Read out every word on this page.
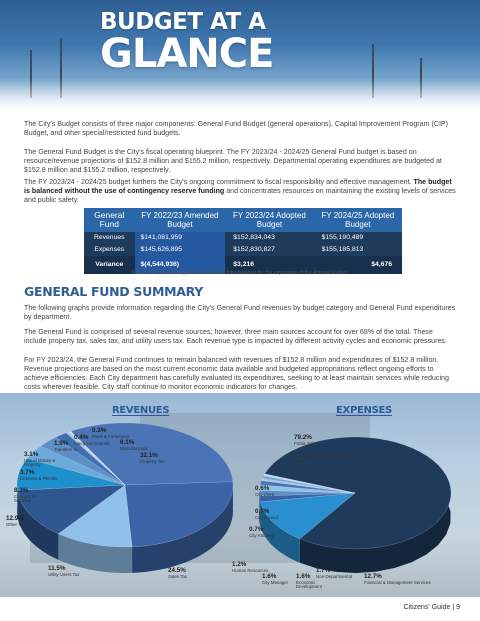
BUDGET AT A
GLANCE

The City's Budget consists of three major components: General Fund Budget (general operations), Capital Improvement Program (CIP) Budget, and other special/restricted fund budgets.

The General Fund Budget is the City's fiscal operating blueprint. The FY 2023/24 - 2024/25 General Fund budget is based on resource/revenue projections of $152.8 million and $155.2 million, respectively. Departmental operating expenditures are budgeted at $152.8 million and $155.2 million, respectively.

The FY 2023/24 - 2024/25 budget furthers the City's ongoing commitment to fiscal responsibility and effective management. The budget is balanced without the use of contingency reserve funding and concentrates resources on maintaining the existing levels of services and public safety.

General Fund	FY 2022/23 Amended Budget	FY 2023/24 Adopted Budget	FY 2024/25 Adopted Budget
Revenues	$141,081,959	$152,834,043	$155,190,489
Expenses	$145,626,895	$152,830,827	$155,185,813
Variance	$(4,544,936)	$3,216	$4,676
FY2022/23, Council approved the use of fund balance for the expansion of the Animal Shelter.
GENERAL FUND SUMMARY

The following graphs provide information regarding the City's General Fund revenues by budget category and General Fund expenditures by department.

The General Fund is comprised of several revenue sources; however, three main sources account for over 68% of the total. These include property tax, sales tax, and utility users tax. Each revenue type is impacted by different activity cycles and economic pressures.

For FY 2023/24, the General Fund continues to remain balanced with revenues of $152.8 million and expenditures of $152.8 million. Revenue projections are based on the most current economic data available and budgeted appropriations reflect ongoing efforts to achieve efficiencies. Each City department has carefully evaluated its expenditures, seeking to at least maintain services while reducing costs wherever feasible. City staff continue to monitor economic indicators for changes.

REVENUES	EXPENSES
0.3%
Fines & Forfeitures
0.4%
Intergovernmental 0.1%
Miscellaneous
1.9%
Transfers In
3.1%
Use of Money & Property
32.1%
Property Tax
3.7%
Licenses & Permits
8.3%
Charges for Services
12.9%
Other Taxes
11.5%
Utility Users Tax
24.5%
Sales Tax
79.2%
Public Safety
46.6% Police, 18.1% Fire, 10.5% Community Development, 4.6% Public Works
0.6%
City Clerk
0.7%
City Council
0.7%
City Attorney
1.2%
Human Resources
1.6%
City Manager
1.6%
Economic Development
1.7%
Non-Departmental 12.7%
Financial & Management Services
Citizens' Guide | 9
